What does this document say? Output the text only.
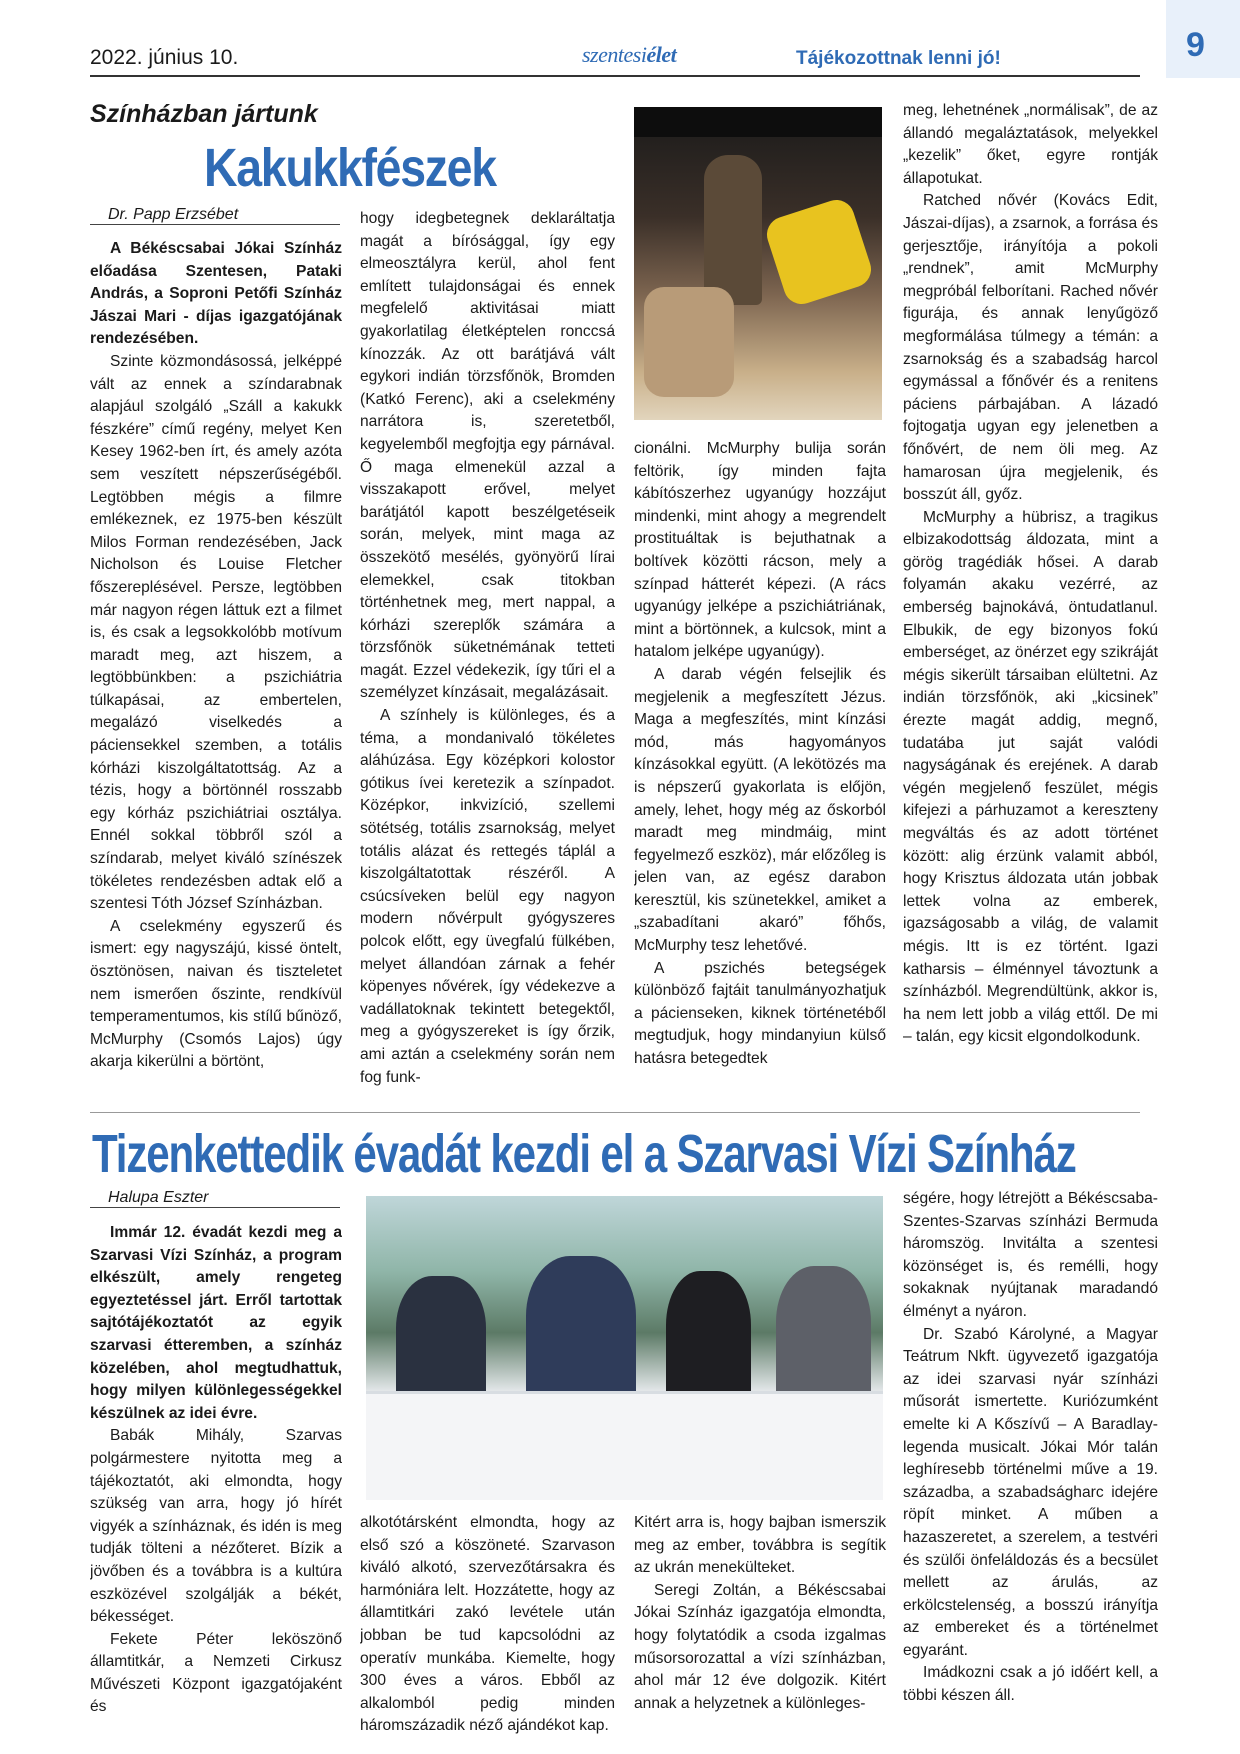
2022. június 10.	szentesiélet	Tájékozottnak lenni jó!	9
Színházban jártunk
Kakukkfészek
Dr. Papp Erzsébet

A Békéscsabai Jókai Színház előadása Szentesen, Pataki András, a Soproni Petőfi Színház Jászai Mari - díjas igazgatójának rendezésében.

Szinte közmondásossá, jelképpé vált az ennek a színdarabnak alapjául szolgáló „Száll a kakukk fészkére” című regény, melyet Ken Kesey 1962-ben írt, és amely azóta sem veszített népszerűségéből. Legtöbben mégis a filmre emlékeznek, ez 1975-ben készült Milos Forman rendezésében, Jack Nicholson és Louise Fletcher főszereplésével. Persze, legtöbben már nagyon régen láttuk ezt a filmet is, és csak a legsokkolóbb motívum maradt meg, azt hiszem, a legtöbbünkben: a pszichiátria túlkapásai, az embertelen, megalázó viselkedés a páciensekkel szemben, a totális kórházi kiszolgáltatottság. Az a tézis, hogy a börtönnél rosszabb egy kórház pszichiátriai osztálya. Ennél sokkal többről szól a színdarab, melyet kiváló színészek tökéletes rendezésben adtak elő a szentesi Tóth József Színházban.

A cselekmény egyszerű és ismert: egy nagyszájú, kissé öntelt, ösztönösen, naivan és tiszteletet nem ismerően őszinte, rendkívül temperamentumos, kis stílű bűnöző, McMurphy (Csomós Lajos) úgy akarja kikerülni a börtönt,

hogy idegbetegnek deklaráltatja magát a bírósággal, így egy elmeosztályra kerül, ahol fent említett tulajdonságai és ennek megfelelő aktivitásai miatt gyakorlatilag életképtelen ronccsá kínozzák. Az ott barátjává vált egykori indián törzsfőnök, Bromden (Katkó Ferenc), aki a cselekmény narrátora is, szeretetből, kegyelemből megfojtja egy párnával. Ő maga elmenekül azzal a visszakapott erővel, melyet barátjától kapott beszélgetéseik során, melyek, mint maga az összekötő mesélés, gyönyörű lírai elemekkel, csak titokban történhetnek meg, mert nappal, a kórházi szereplők számára a törzsfőnök süketnémának tetteti magát. Ezzel védekezik, így tűri el a személyzet kínzásait, megalázásait.

A színhely is különleges, és a téma, a mondanivaló tökéletes aláhúzása. Egy középkori kolostor gótikus ívei keretezik a színpadot. Középkor, inkvizíció, szellemi sötétség, totális zsarnokság, melyet totális alázat és rettegés táplál a kiszolgáltatottak részéről. A csúcsíveken belül egy nagyon modern nővérpult gyógyszeres polcok előtt, egy üvegfalú fülkében, melyet állandóan zárnak a fehér köpenyes nővérek, így védekezve a vadállatoknak tekintett betegektől, meg a gyógyszereket is így őrzik, ami aztán a cselekmény során nem fog funk-

cionálni. McMurphy bulija során feltörik, így minden fajta kábítószerhez ugyanúgy hozzájut mindenki, mint ahogy a megrendelt prostituáltak is bejuthatnak a boltívek közötti rácson, mely a színpad hátterét képezi. (A rács ugyanúgy jelképe a pszichiátriának, mint a börtönnek, a kulcsok, mint a hatalom jelképe ugyanúgy).

A darab végén felsejlik és megjelenik a megfeszített Jézus. Maga a megfeszítés, mint kínzási mód, más hagyományos kínzásokkal együtt. (A lekötözés ma is népszerű gyakorlata is előjön, amely, lehet, hogy még az őskorból maradt meg mindmáig, mint fegyelmező eszköz), már előzőleg is jelen van, az egész darabon keresztül, kis szünetekkel, amiket a „szabadítani akaró” főhős, McMurphy tesz lehetővé.

A pszichés betegségek különböző fajtáit tanulmányozhatjuk a pácienseken, kiknek történetéből megtudjuk, hogy mindanyiun külső hatásra betegedtek

meg, lehetnének „normálisak”, de az állandó megaláztatások, melyekkel „kezelik” őket, egyre rontják állapotukat.

Ratched nővér (Kovács Edit, Jászai-díjas), a zsarnok, a forrása és gerjesztője, irányítója a pokoli „rendnek”, amit McMurphy megpróbál felborítani. Rached nővér figurája, és annak lenyűgöző megformálása túlmegy a témán: a zsarnokság és a szabadság harcol egymással a főnővér és a renitens páciens párbajában. A lázadó fojtogatja ugyan egy jelenetben a főnővért, de nem öli meg. Az hamarosan újra megjelenik, és bosszút áll, győz.

McMurphy a hübrisz, a tragikus elbizakodottság áldozata, mint a görög tragédiák hősei. A darab folyamán akaku vezérré, az emberség bajnokává, öntudatlanul. Elbukik, de egy bizonyos fokú emberséget, az önérzet egy szikráját mégis sikerült társaiban elültetni. Az indián törzsfőnök, aki „kicsinek” érezte magát addig, megnő, tudatába jut saját valódi nagyságának és erejének. A darab végén megjelenő feszület, mégis kifejezi a párhuzamot a kereszteny megváltás és az adott történet között: alig érzünk valamit abból, hogy Krisztus áldozata után jobbak lettek volna az emberek, igazságosabb a világ, de valamit mégis. Itt is ez történt. Igazi katharsis – élménnyel távoztunk a színházból. Megrendültünk, akkor is, ha nem lett jobb a világ ettől. De mi – talán, egy kicsit elgondolkodunk.

Tizenkettedik évadát kezdi el a Szarvasi Vízi Színház
Halupa Eszter

Immár 12. évadát kezdi meg a Szarvasi Vízi Színház, a program elkészült, amely rengeteg egyeztetéssel járt. Erről tartottak sajtótájékoztatót az egyik szarvasi étteremben, a színház közelében, ahol megtudhattuk, hogy milyen különlegességekkel készülnek az idei évre.

Babák Mihály, Szarvas polgármestere nyitotta meg a tájékoztatót, aki elmondta, hogy szükség van arra, hogy jó hírét vigyék a színháznak, és idén is meg tudják tölteni a nézőteret. Bízik a jövőben és a továbbra is a kultúra eszközével szolgálják a békét, békességet.

Fekete Péter leköszönő államtitkár, a Nemzeti Cirkusz Művészeti Központ igazgatójaként és

alkotótársként elmondta, hogy az első szó a köszöneté. Szarvason kiváló alkotó, szervezőtársakra és harmóniára lelt. Hozzátette, hogy az államtitkári zakó levétele után jobban be tud kapcsolódni az operatív munkába. Kiemelte, hogy 300 éves a város. Ebből az alkalomból pedig minden háromszázadik néző ajándékot kap.

Kitért arra is, hogy bajban ismerszik meg az ember, továbbra is segítik az ukrán menekülteket.

Seregi Zoltán, a Békéscsabai Jókai Színház igazgatója elmondta, hogy folytatódik a csoda izgalmas műsorsorozattal a vízi színházban, ahol már 12 éve dolgozik. Kitért annak a helyzetnek a különleges-

ségére, hogy létrejött a Békéscsaba-Szentes-Szarvas színházi Bermuda háromszög. Invitálta a szentesi közönséget is, és remélli, hogy sokaknak nyújtanak maradandó élményt a nyáron.

Dr. Szabó Károlyné, a Magyar Teátrum Nkft. ügyvezető igazgatója az idei szarvasi nyár színházi műsorát ismertette. Kuriózumként emelte ki A Kőszívű – A Baradlay-legenda musicalt. Jókai Mór talán leghíresebb történelmi műve a 19. századba, a szabadságharc idejére röpít minket. A műben a hazaszeretet, a szerelem, a testvéri és szülői önfeláldozás és a becsület mellett az árulás, az erkölcstelenség, a bosszú irányítja az embereket és a történelmet egyaránt.

Imádkozni csak a jó időért kell, a többi készen áll.
